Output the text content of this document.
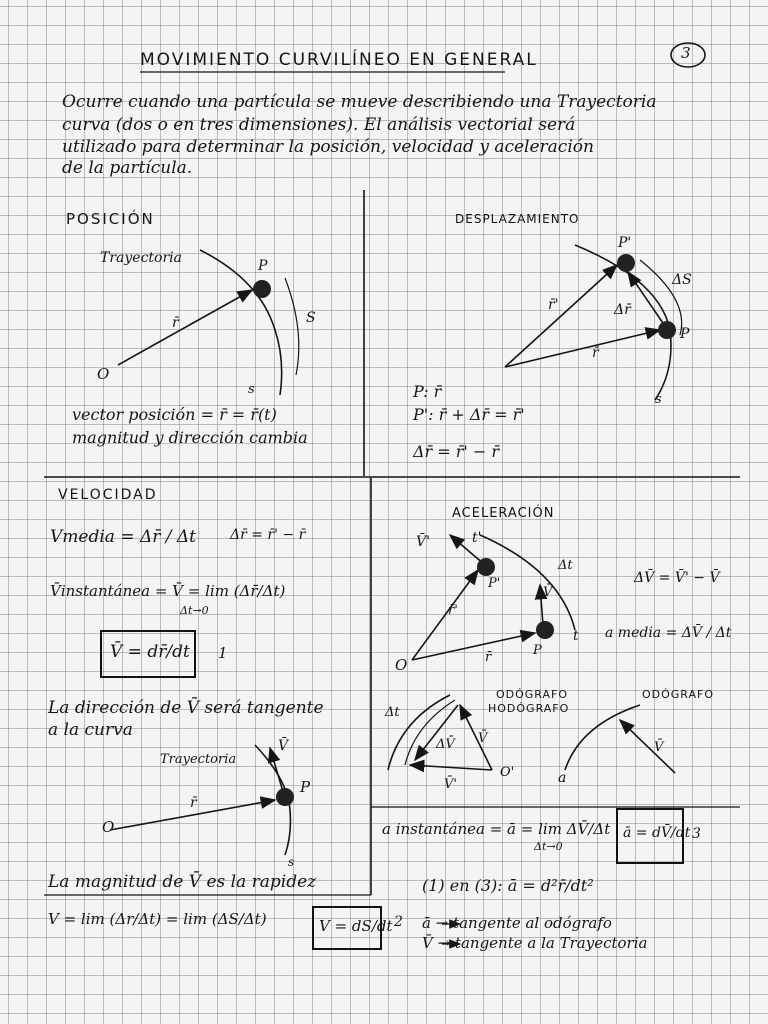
MOVIMIENTO CURVILÍNEO EN GENERAL	3
Ocurre cuando una partícula se mueve describiendo una Trayectoria
curva (dos o en tres dimensiones). El análisis vectorial será
utilizado para determinar la posición, velocidad y aceleración
de la partícula.
POSICIÓN
Trayectoria	P
r̄
O
s
S
vector posición = r̄ = r̄(t)
magnitud y dirección cambia
DESPLAZAMIENTO
P'
P
ΔS
r̄'	Δr̄
r̄
s
P: r̄
P': r̄ + Δr̄ = r̄'
Δr̄ = r̄' − r̄
VELOCIDAD
Vmedia = Δr̄ / Δt Δr̄ = r̄' − r̄
V̄instantánea = V̄ = lim (Δr̄/Δt)
Δt→0
V̄ = dr̄/dt 1
La dirección de V̄ será tangente
a la curva
Trayectoria
V̄
r̄
O
P
s
La magnitud de V̄ es la rapidez
V = lim (Δr/Δt) = lim (ΔS/Δt)	V = dS/dt 2
ACELERACIÓN
V̄'	t'
Δt
P'
V̄
r̄'
r̄
O
P
t
ΔV̄ = V̄' − V̄
a media = ΔV̄ / Δt
ODÓGRAFO
HODÓGRAFO
ODÓGRAFO
Δt
ΔV̄ V̄
V̄'
O'	a
V̄
a instantánea = ā = lim ΔV̄/Δt
Δt→0
ā = dV̄/dt 3
(1) en (3): ā = d²r̄/dt²
ā → tangente al odógrafo
V̄ → tangente a la Trayectoria
